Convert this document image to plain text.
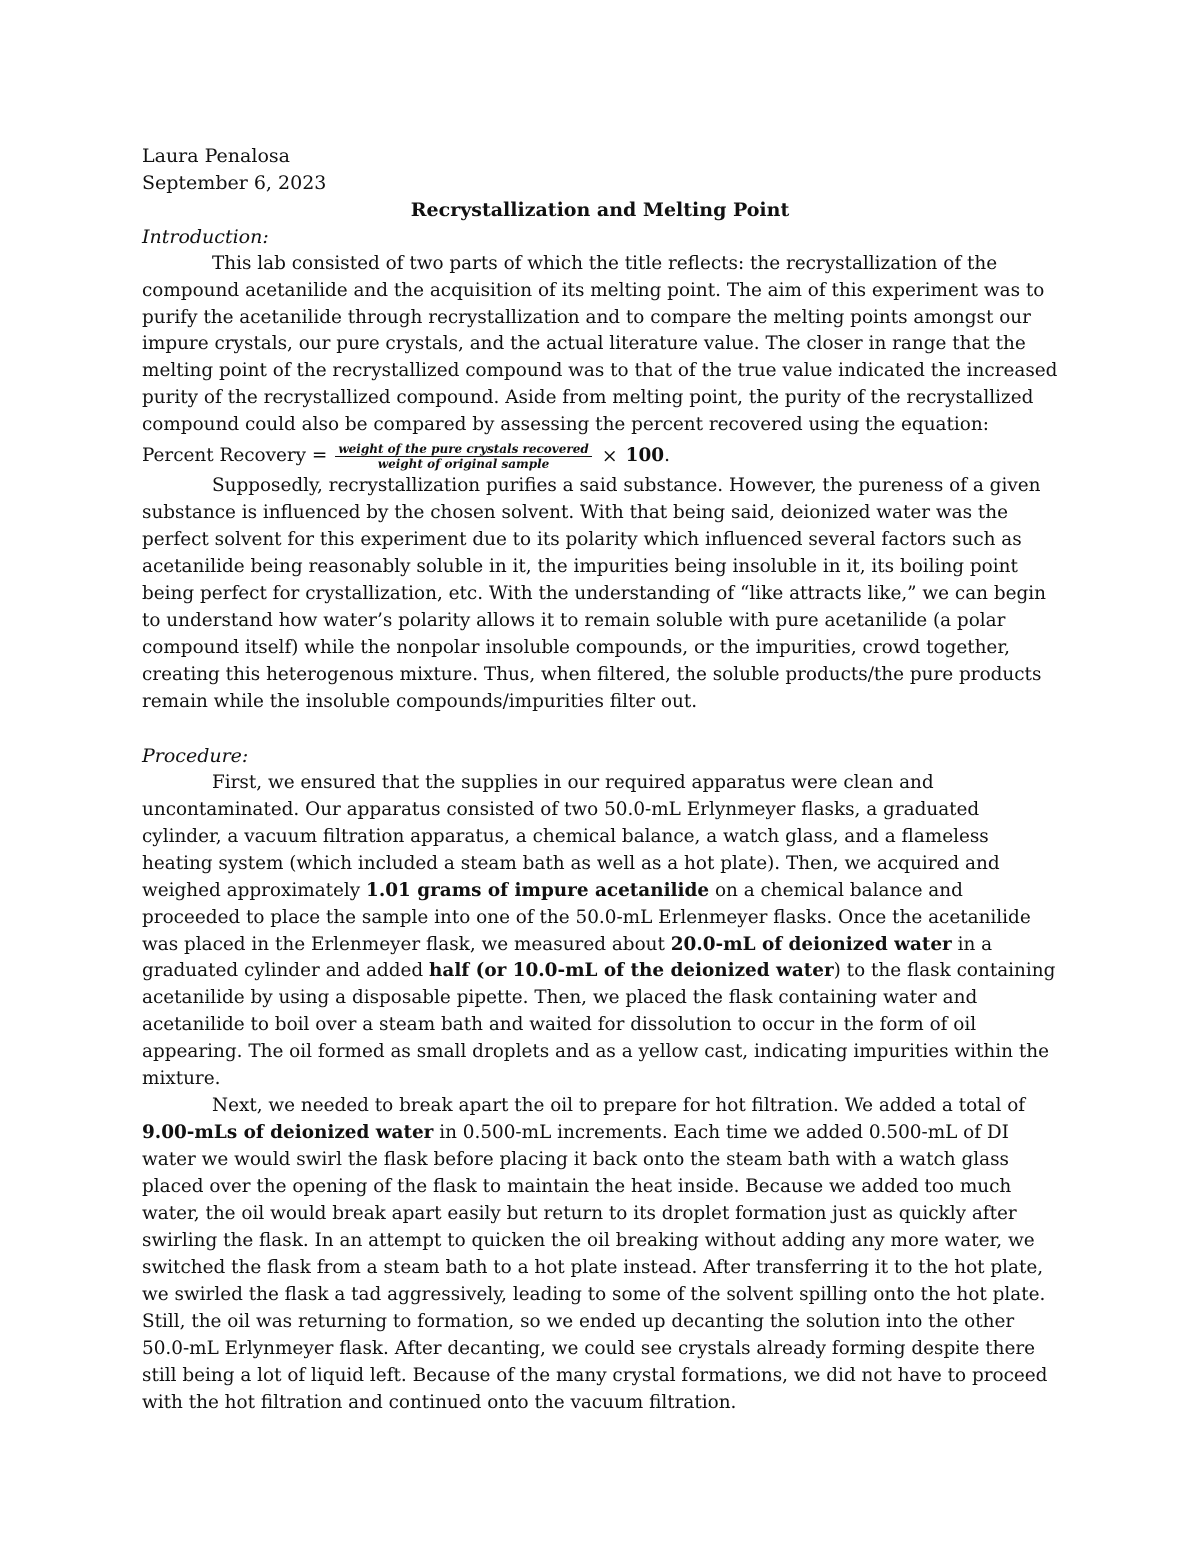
Laura Penalosa
September 6, 2023
Recrystallization and Melting Point
Introduction:

This lab consisted of two parts of which the title reflects: the recrystallization of the compound acetanilide and the acquisition of its melting point. The aim of this experiment was to purify the acetanilide through recrystallization and to compare the melting points amongst our impure crystals, our pure crystals, and the actual literature value. The closer in range that the melting point of the recrystallized compound was to that of the true value indicated the increased purity of the recrystallized compound. Aside from melting point, the purity of the recrystallized compound could also be compared by assessing the percent recovered using the equation:

Percent Recovery = $\frac{\text{weight of the pure crystals recovered}}{\text{weight of original sample}} \times 100$ .

Supposedly, recrystallization purifies a said substance. However, the pureness of a given substance is influenced by the chosen solvent. With that being said, deionized water was the perfect solvent for this experiment due to its polarity which influenced several factors such as acetanilide being reasonably soluble in it, the impurities being insoluble in it, its boiling point being perfect for crystallization, etc. With the understanding of “like attracts like,” we can begin to understand how water’s polarity allows it to remain soluble with pure acetanilide (a polar compound itself) while the nonpolar insoluble compounds, or the impurities, crowd together, creating this heterogenous mixture. Thus, when filtered, the soluble products/the pure products remain while the insoluble compounds/impurities filter out.

Procedure:

First, we ensured that the supplies in our required apparatus were clean and uncontaminated. Our apparatus consisted of two 50.0-mL Erlynmeyer flasks, a graduated cylinder, a vacuum filtration apparatus, a chemical balance, a watch glass, and a flameless heating system (which included a steam bath as well as a hot plate). Then, we acquired and weighed approximately 1.01 grams of impure acetanilide on a chemical balance and proceeded to place the sample into one of the 50.0-mL Erlenmeyer flasks. Once the acetanilide was placed in the Erlenmeyer flask, we measured about 20.0-mL of deionized water in a graduated cylinder and added half (or 10.0-mL of the deionized water) to the flask containing acetanilide by using a disposable pipette. Then, we placed the flask containing water and acetanilide to boil over a steam bath and waited for dissolution to occur in the form of oil appearing. The oil formed as small droplets and as a yellow cast, indicating impurities within the mixture.

Next, we needed to break apart the oil to prepare for hot filtration. We added a total of 9.00-mLs of deionized water in 0.500-mL increments. Each time we added 0.500-mL of DI water we would swirl the flask before placing it back onto the steam bath with a watch glass placed over the opening of the flask to maintain the heat inside. Because we added too much water, the oil would break apart easily but return to its droplet formation just as quickly after swirling the flask. In an attempt to quicken the oil breaking without adding any more water, we switched the flask from a steam bath to a hot plate instead. After transferring it to the hot plate, we swirled the flask a tad aggressively, leading to some of the solvent spilling onto the hot plate. Still, the oil was returning to formation, so we ended up decanting the solution into the other 50.0-mL Erlynmeyer flask. After decanting, we could see crystals already forming despite there still being a lot of liquid left. Because of the many crystal formations, we did not have to proceed with the hot filtration and continued onto the vacuum filtration.
